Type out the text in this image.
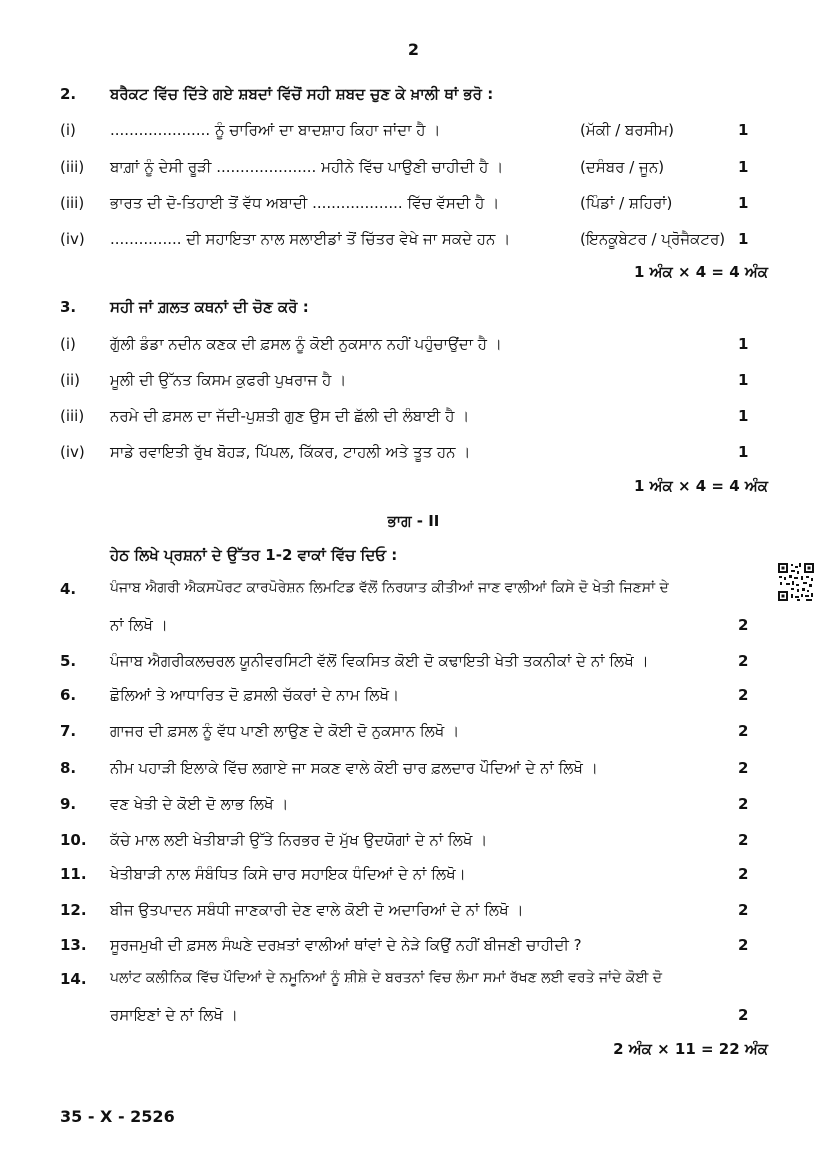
2
2. ਬਰੈਕਟ ਵਿੱਚ ਦਿੱਤੇ ਗਏ ਸ਼ਬਦਾਂ ਵਿੱਚੋਂ ਸਹੀ ਸ਼ਬਦ ਚੁਣ ਕੇ ਖ਼ਾਲੀ ਥਾਂ ਭਰੋ :
(i) ..................... ਨੂੰ ਚਾਰਿਆਂ ਦਾ ਬਾਦਸ਼ਾਹ ਕਿਹਾ ਜਾਂਦਾ ਹੈ ।	(ਮੱਕੀ / ਬਰਸੀਮ)	1
(iii) ਬਾਗ਼ਾਂ ਨੂੰ ਦੇਸੀ ਰੂੜੀ ..................... ਮਹੀਨੇ ਵਿੱਚ ਪਾਉਣੀ ਚਾਹੀਦੀ ਹੈ ।	(ਦਸੰਬਰ / ਜੂਨ)	1
(iii) ਭਾਰਤ ਦੀ ਦੋ-ਤਿਹਾਈ ਤੋਂ ਵੱਧ ਅਬਾਦੀ ................... ਵਿੱਚ ਵੱਸਦੀ ਹੈ ।	(ਪਿੰਡਾਂ / ਸ਼ਹਿਰਾਂ)	1
(iv) ............... ਦੀ ਸਹਾਇਤਾ ਨਾਲ ਸਲਾਈਡਾਂ ਤੋਂ ਚਿੱਤਰ ਵੇਖੇ ਜਾ ਸਕਦੇ ਹਨ ।	(ਇਨਕੂਬੇਟਰ / ਪ੍ਰੋਜੈਕਟਰ) 1
1 ਅੰਕ × 4 = 4 ਅੰਕ
3. ਸਹੀ ਜਾਂ ਗ਼ਲਤ ਕਥਨਾਂ ਦੀ ਚੋਣ ਕਰੋ :
(i) ਗੁੱਲੀ ਡੰਡਾ ਨਦੀਨ ਕਣਕ ਦੀ ਫ਼ਸਲ ਨੂੰ ਕੋਈ ਨੁਕਸਾਨ ਨਹੀਂ ਪਹੁੰਚਾਉਂਦਾ ਹੈ ।	1
(ii) ਮੂਲੀ ਦੀ ਉੱਨਤ ਕਿਸਮ ਕੁਫਰੀ ਪੁਖਰਾਜ ਹੈ ।	1
(iii) ਨਰਮੇ ਦੀ ਫ਼ਸਲ ਦਾ ਜੱਦੀ-ਪੁਸ਼ਤੀ ਗੁਣ ਉਸ ਦੀ ਛੱਲੀ ਦੀ ਲੰਬਾਈ ਹੈ ।	1
(iv) ਸਾਡੇ ਰਵਾਇਤੀ ਰੁੱਖ ਬੋਹੜ, ਪਿੱਪਲ, ਕਿੱਕਰ, ਟਾਹਲੀ ਅਤੇ ਤੂਤ ਹਨ ।	1
1 ਅੰਕ × 4 = 4 ਅੰਕ
ਭਾਗ - II
ਹੇਠ ਲਿਖੇ ਪ੍ਰਸ਼ਨਾਂ ਦੇ ਉੱਤਰ 1-2 ਵਾਕਾਂ ਵਿੱਚ ਦਿਓ :
4. ਪੰਜਾਬ ਐਗਰੀ ਐਕਸਪੋਰਟ ਕਾਰਪੋਰੇਸ਼ਨ ਲਿਮਟਿਡ ਵੱਲੋਂ ਨਿਰਯਾਤ ਕੀਤੀਆਂ ਜਾਣ ਵਾਲੀਆਂ ਕਿਸੇ ਦੋ ਖੇਤੀ ਜਿਣਸਾਂ ਦੇ
ਨਾਂ ਲਿਖੋ ।	2
5. ਪੰਜਾਬ ਐਗਰੀਕਲਚਰਲ ਯੂਨੀਵਰਸਿਟੀ ਵੱਲੋਂ ਵਿਕਸਿਤ ਕੋਈ ਦੋ ਕਢਾਇਤੀ ਖੇਤੀ ਤਕਨੀਕਾਂ ਦੇ ਨਾਂ ਲਿਖੋ ।	2
6. ਛੋਲਿਆਂ ਤੇ ਆਧਾਰਿਤ ਦੋ ਫ਼ਸਲੀ ਚੱਕਰਾਂ ਦੇ ਨਾਮ ਲਿਖੋ।	2
7. ਗਾਜਰ ਦੀ ਫ਼ਸਲ ਨੂੰ ਵੱਧ ਪਾਣੀ ਲਾਉਣ ਦੇ ਕੋਈ ਦੋ ਨੁਕਸਾਨ ਲਿਖੋ ।	2
8. ਨੀਮ ਪਹਾੜੀ ਇਲਾਕੇ ਵਿੱਚ ਲਗਾਏ ਜਾ ਸਕਣ ਵਾਲੇ ਕੋਈ ਚਾਰ ਫ਼ਲਦਾਰ ਪੌਦਿਆਂ ਦੇ ਨਾਂ ਲਿਖੋ ।	2
9. ਵਣ ਖੇਤੀ ਦੇ ਕੋਈ ਦੋ ਲਾਭ ਲਿਖੋ ।	2
10. ਕੱਚੇ ਮਾਲ ਲਈ ਖੇਤੀਬਾੜੀ ਉੱਤੇ ਨਿਰਭਰ ਦੋ ਮੁੱਖ ਉਦਯੋਗਾਂ ਦੇ ਨਾਂ ਲਿਖੋ ।	2
11. ਖੇਤੀਬਾੜੀ ਨਾਲ ਸੰਬੰਧਿਤ ਕਿਸੇ ਚਾਰ ਸਹਾਇਕ ਧੰਦਿਆਂ ਦੇ ਨਾਂ ਲਿਖੋ।	2
12. ਬੀਜ ਉਤਪਾਦਨ ਸਬੰਧੀ ਜਾਣਕਾਰੀ ਦੇਣ ਵਾਲੇ ਕੋਈ ਦੋ ਅਦਾਰਿਆਂ ਦੇ ਨਾਂ ਲਿਖੋ ।	2
13. ਸੂਰਜਮੁਖੀ ਦੀ ਫ਼ਸਲ ਸੰਘਣੇ ਦਰਖ਼ਤਾਂ ਵਾਲੀਆਂ ਥਾਂਵਾਂ ਦੇ ਨੇੜੇ ਕਿਉਂ ਨਹੀਂ ਬੀਜਣੀ ਚਾਹੀਦੀ ?	2
14. ਪਲਾਂਟ ਕਲੀਨਿਕ ਵਿੱਚ ਪੌਦਿਆਂ ਦੇ ਨਮੂਨਿਆਂ ਨੂੰ ਸ਼ੀਸ਼ੇ ਦੇ ਬਰਤਨਾਂ ਵਿਚ ਲੰਮਾ ਸਮਾਂ ਰੱਖਣ ਲਈ ਵਰਤੇ ਜਾਂਦੇ ਕੋਈ ਦੋ
ਰਸਾਇਣਾਂ ਦੇ ਨਾਂ ਲਿਖੋ ।	2
2 ਅੰਕ × 11 = 22 ਅੰਕ
35 - X - 2526
